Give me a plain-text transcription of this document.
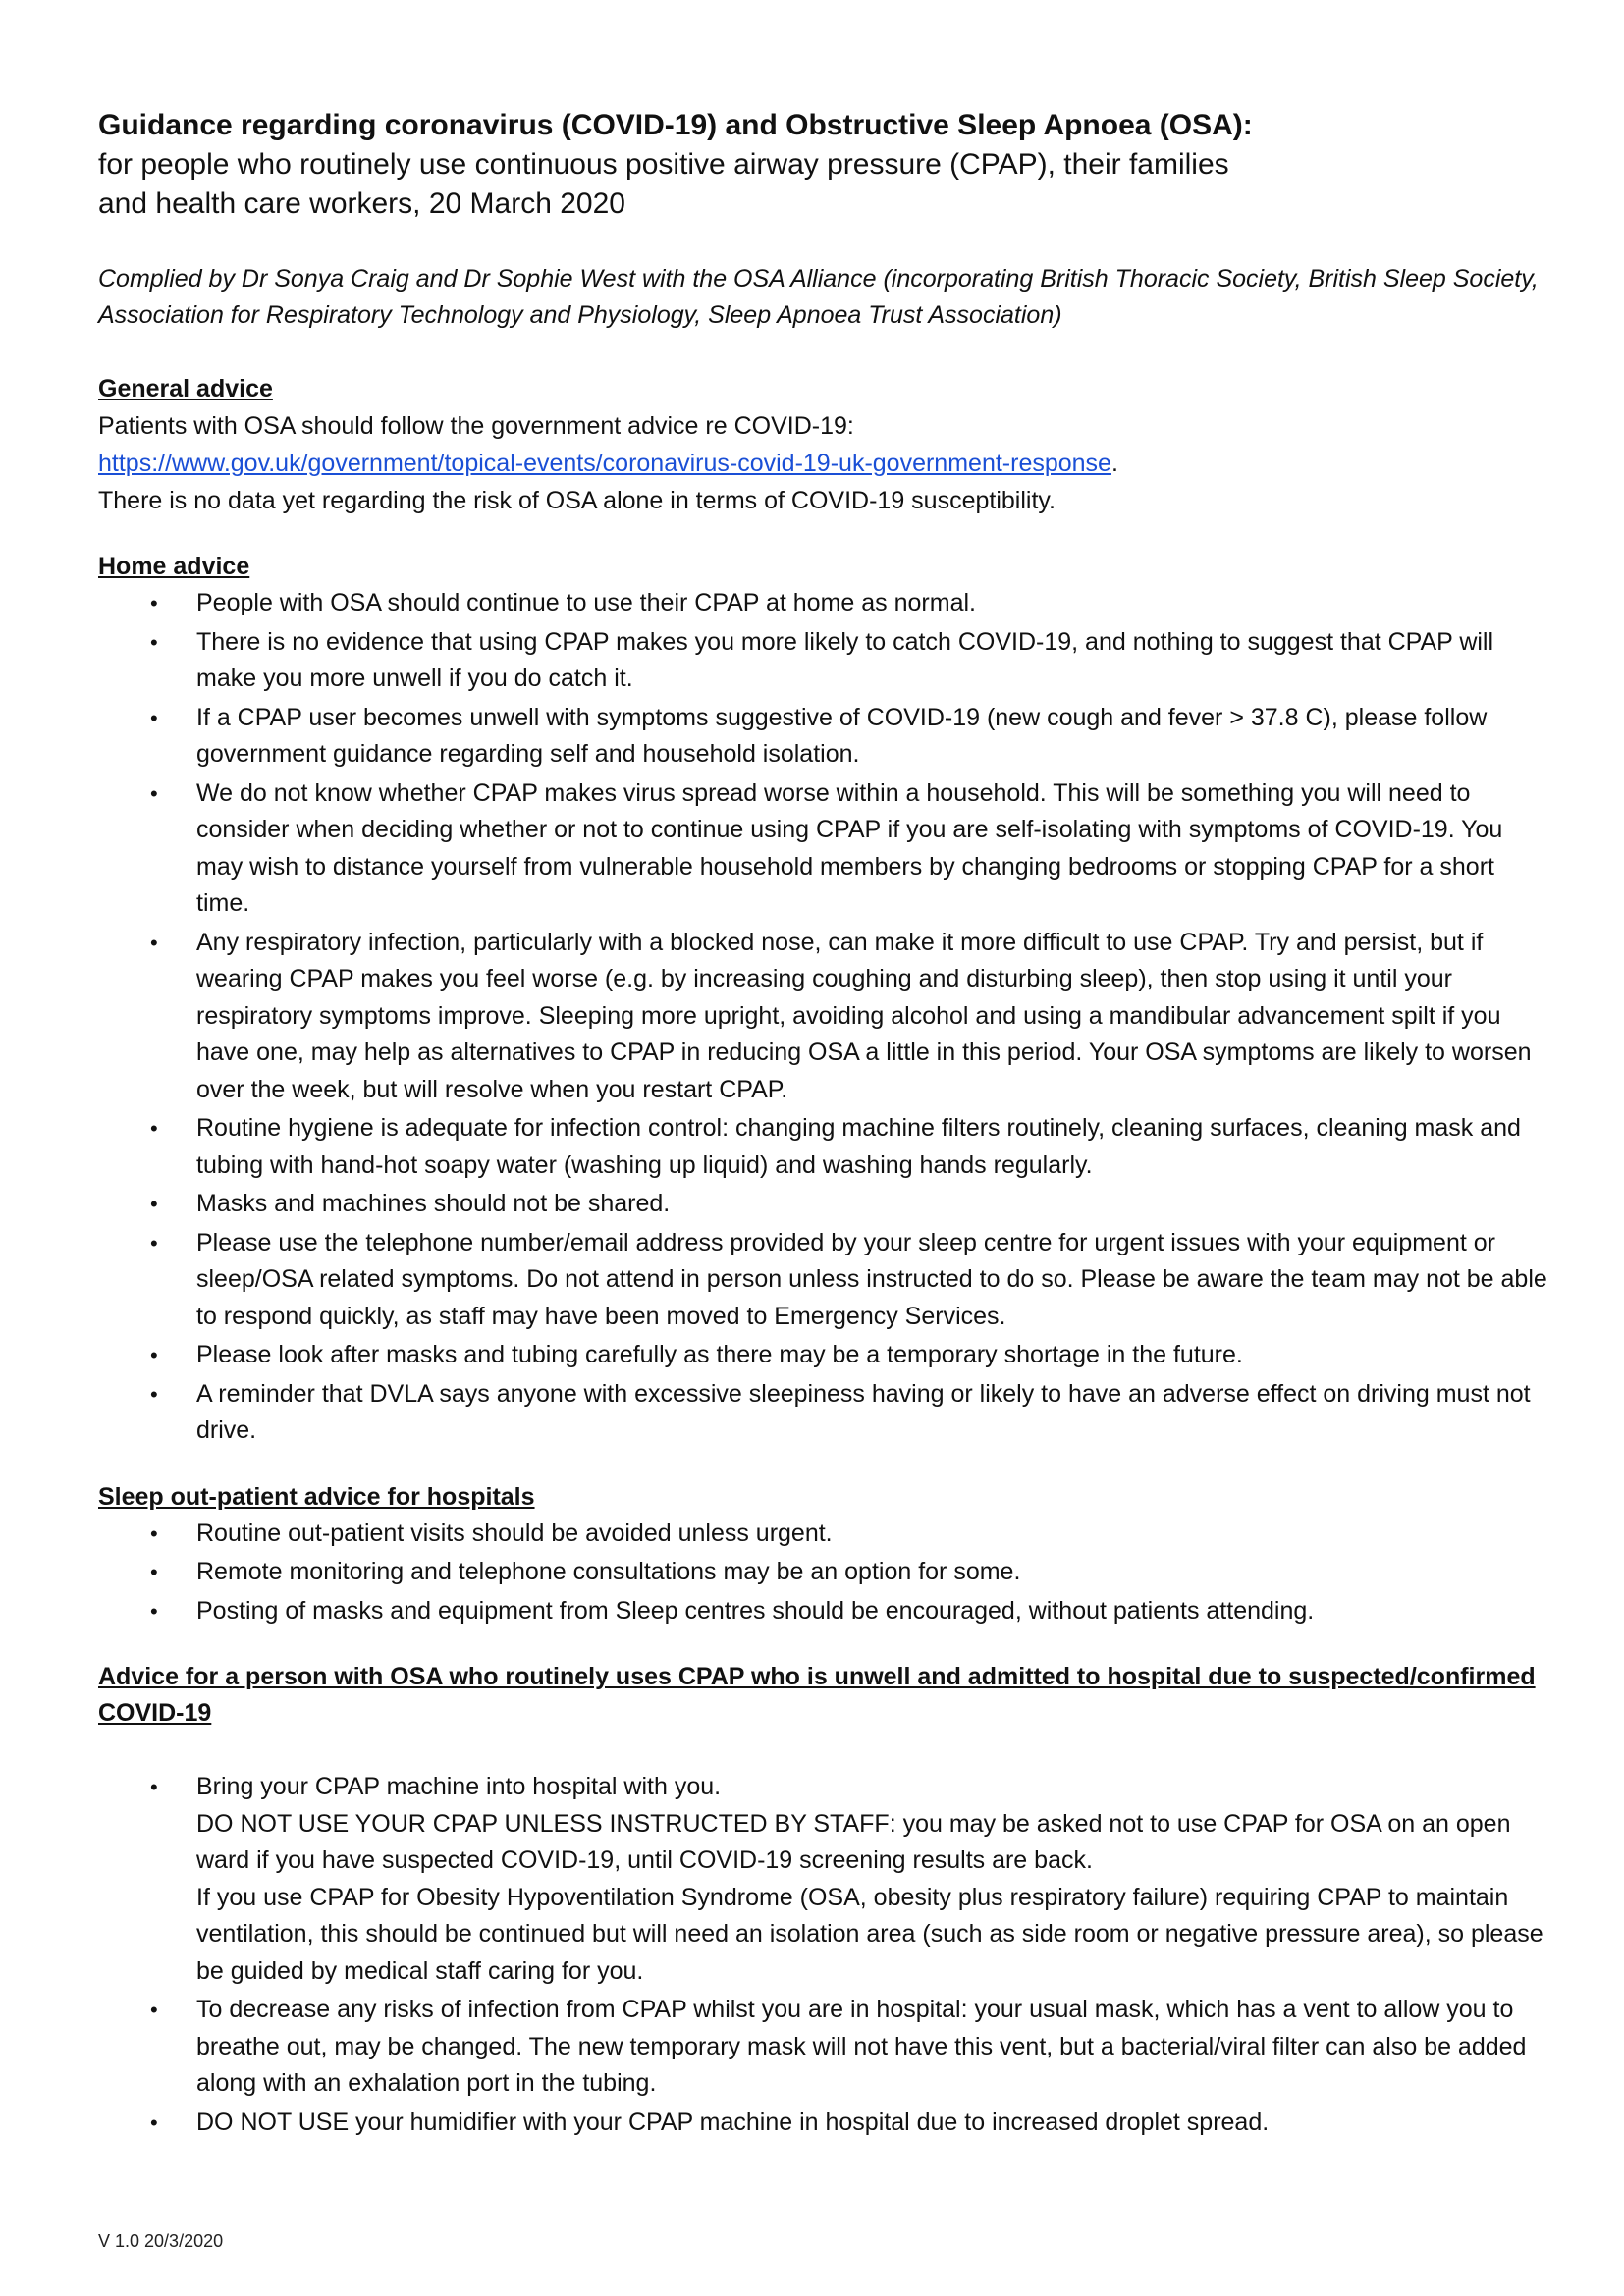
Guidance regarding coronavirus (COVID-19) and Obstructive Sleep Apnoea (OSA):

for people who routinely use continuous positive airway pressure (CPAP), their families

and health care workers, 20 March 2020

Complied by Dr Sonya Craig and Dr Sophie West with the OSA Alliance (incorporating British Thoracic Society, British Sleep Society, Association for Respiratory Technology and Physiology, Sleep Apnoea Trust Association)

General advice

Patients with OSA should follow the government advice re COVID-19:

https://www.gov.uk/government/topical-events/coronavirus-covid-19-uk-government-response.

There is no data yet regarding the risk of OSA alone in terms of COVID-19 susceptibility.

Home advice

• People with OSA should continue to use their CPAP at home as normal.
• There is no evidence that using CPAP makes you more likely to catch COVID-19, and nothing to suggest that CPAP will make you more unwell if you do catch it.
• If a CPAP user becomes unwell with symptoms suggestive of COVID-19 (new cough and fever > 37.8 C), please follow government guidance regarding self and household isolation.
• We do not know whether CPAP makes virus spread worse within a household. This will be something you will need to consider when deciding whether or not to continue using CPAP if you are self-isolating with symptoms of COVID-19. You may wish to distance yourself from vulnerable household members by changing bedrooms or stopping CPAP for a short time.
• Any respiratory infection, particularly with a blocked nose, can make it more difficult to use CPAP. Try and persist, but if wearing CPAP makes you feel worse (e.g. by increasing coughing and disturbing sleep), then stop using it until your respiratory symptoms improve. Sleeping more upright, avoiding alcohol and using a mandibular advancement spilt if you have one, may help as alternatives to CPAP in reducing OSA a little in this period. Your OSA symptoms are likely to worsen over the week, but will resolve when you restart CPAP.
• Routine hygiene is adequate for infection control: changing machine filters routinely, cleaning surfaces, cleaning mask and tubing with hand-hot soapy water (washing up liquid) and washing hands regularly.
• Masks and machines should not be shared.
• Please use the telephone number/email address provided by your sleep centre for urgent issues with your equipment or sleep/OSA related symptoms. Do not attend in person unless instructed to do so. Please be aware the team may not be able to respond quickly, as staff may have been moved to Emergency Services.
• Please look after masks and tubing carefully as there may be a temporary shortage in the future.
• A reminder that DVLA says anyone with excessive sleepiness having or likely to have an adverse effect on driving must not drive.

Sleep out-patient advice for hospitals

• Routine out-patient visits should be avoided unless urgent.
• Remote monitoring and telephone consultations may be an option for some.
• Posting of masks and equipment from Sleep centres should be encouraged, without patients attending.

Advice for a person with OSA who routinely uses CPAP who is unwell and admitted to hospital due to suspected/confirmed COVID-19

• Bring your CPAP machine into hospital with you.
DO NOT USE YOUR CPAP UNLESS INSTRUCTED BY STAFF: you may be asked not to use CPAP for OSA on an open ward if you have suspected COVID-19, until COVID-19 screening results are back.
If you use CPAP for Obesity Hypoventilation Syndrome (OSA, obesity plus respiratory failure) requiring CPAP to maintain ventilation, this should be continued but will need an isolation area (such as side room or negative pressure area), so please be guided by medical staff caring for you.
• To decrease any risks of infection from CPAP whilst you are in hospital: your usual mask, which has a vent to allow you to breathe out, may be changed. The new temporary mask will not have this vent, but a bacterial/viral filter can also be added along with an exhalation port in the tubing.
• DO NOT USE your humidifier with your CPAP machine in hospital due to increased droplet spread.
V 1.0 20/3/2020
